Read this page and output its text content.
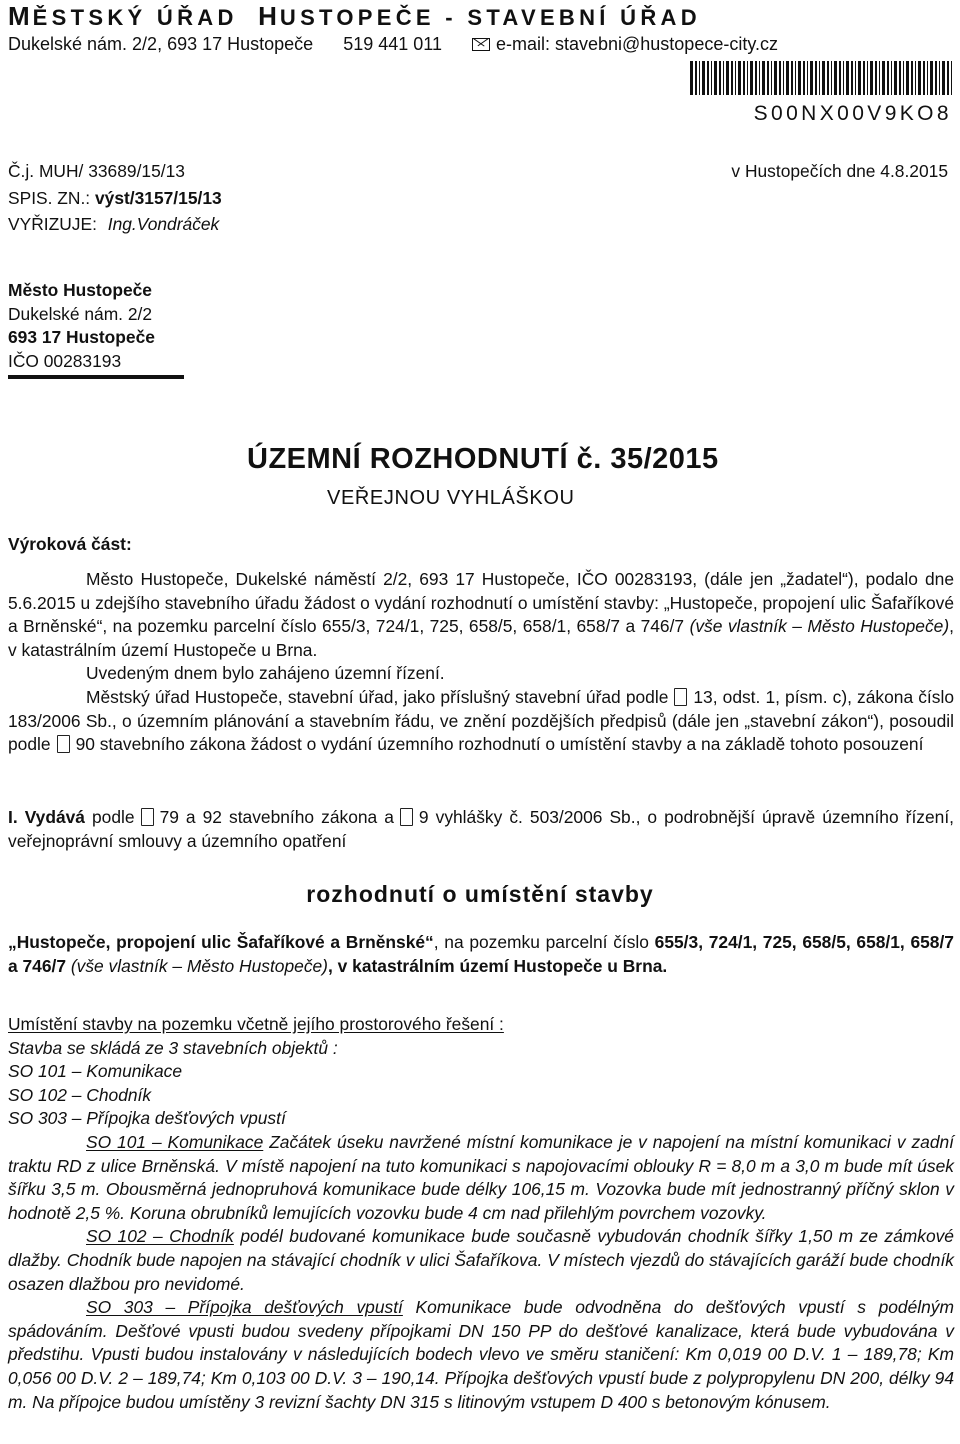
MĚSTSKÝ ÚŘAD HUSTOPEČE - STAVEBNÍ ÚŘAD
Dukelské nám. 2/2, 693 17 Hustopeče 519 441 011	e-mail: stavebni@hustopece-city.cz
S00NX00V9KO8
Č.j. MUH/ 33689/15/13
SPIS. ZN.: výst/3157/15/13
VYŘIZUJE: Ing.Vondráček
v Hustopečích dne 4.8.2015
Město Hustopeče
Dukelské nám. 2/2
693 17 Hustopeče
IČO 00283193
ÚZEMNÍ ROZHODNUTÍ č. 35/2015
VEŘEJNOU VYHLÁŠKOU
Výroková část:

Město Hustopeče, Dukelské náměstí 2/2, 693 17 Hustopeče, IČO 00283193, (dále jen „žadatel“), podalo dne 5.6.2015 u zdejšího stavebního úřadu žádost o vydání rozhodnutí o umístění stavby: „Hustopeče, propojení ulic Šafaříkové a Brněnské“, na pozemku parcelní číslo 655/3, 724/1, 725, 658/5, 658/1, 658/7 a 746/7 (vše vlastník – Město Hustopeče), v katastrálním území Hustopeče u Brna.

Uvedeným dnem bylo zahájeno územní řízení.

Městský úřad Hustopeče, stavební úřad, jako příslušný stavební úřad podle 13, odst. 1, písm. c), zákona číslo 183/2006 Sb., o územním plánování a stavebním řádu, ve znění pozdějších předpisů (dále jen „stavební zákon“), posoudil podle 90 stavebního zákona žádost o vydání územního rozhodnutí o umístění stavby a na základě tohoto posouzení

I. Vydává podle 79 a 92 stavebního zákona a 9 vyhlášky č. 503/2006 Sb., o podrobnější úpravě územního řízení, veřejnoprávní smlouvy a územního opatření

rozhodnutí o umístění stavby

„Hustopeče, propojení ulic Šafaříkové a Brněnské“, na pozemku parcelní číslo 655/3, 724/1, 725, 658/5, 658/1, 658/7 a 746/7 (vše vlastník – Město Hustopeče), v katastrálním území Hustopeče u Brna.

Umístění stavby na pozemku včetně jejího prostorového řešení :

Stavba se skládá ze 3 stavebních objektů :

SO 101 – Komunikace

SO 102 – Chodník

SO 303 – Přípojka dešťových vpustí

SO 101 – Komunikace Začátek úseku navržené místní komunikace je v napojení na místní komunikaci v zadní traktu RD z ulice Brněnská. V místě napojení na tuto komunikaci s napojovacími oblouky R = 8,0 m a 3,0 m bude mít úsek šířku 3,5 m. Obousměrná jednopruhová komunikace bude délky 106,15 m. Vozovka bude mít jednostranný příčný sklon v hodnotě 2,5 %. Koruna obrubníků lemujících vozovku bude 4 cm nad přilehlým povrchem vozovky.

SO 102 – Chodník podél budované komunikace bude současně vybudován chodník šířky 1,50 m ze zámkové dlažby. Chodník bude napojen na stávající chodník v ulici Šafaříkova. V místech vjezdů do stávajících garáží bude chodník osazen dlažbou pro nevidomé.

SO 303 – Přípojka dešťových vpustí Komunikace bude odvodněna do dešťových vpustí s podélným spádováním. Dešťové vpusti budou svedeny přípojkami DN 150 PP do dešťové kanalizace, která bude vybudována v předstihu. Vpusti budou instalovány v následujících bodech vlevo ve směru staničení: Km 0,019 00 D.V. 1 – 189,78; Km 0,056 00 D.V. 2 – 189,74; Km 0,103 00 D.V. 3 – 190,14. Přípojka dešťových vpustí bude z polypropylenu DN 200, délky 94 m. Na přípojce budou umístěny 3 revizní šachty DN 315 s litinovým vstupem D 400 s betonovým kónusem.
